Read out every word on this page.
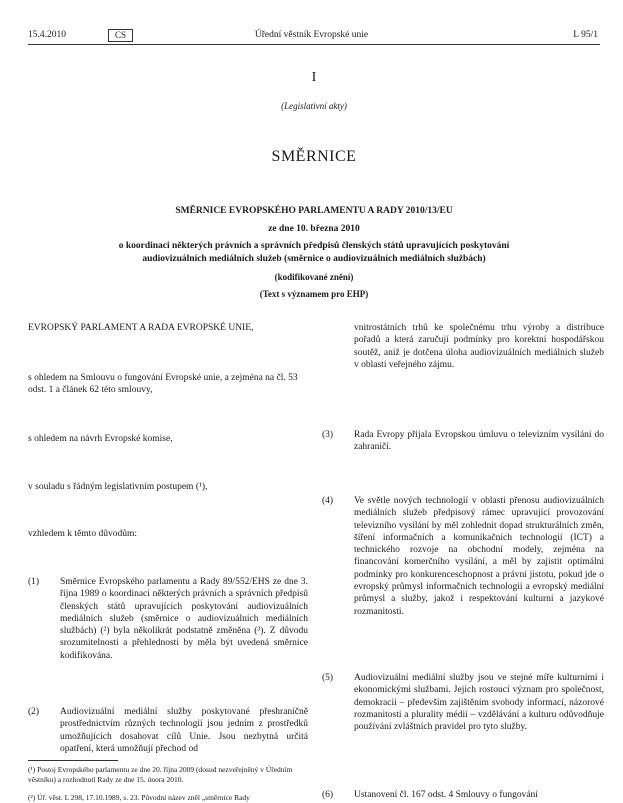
15.4.2010	CS	Úřední věstník Evropské unie	L 95/1
I
(Legislativní akty)
SMĚRNICE
SMĚRNICE EVROPSKÉHO PARLAMENTU A RADY 2010/13/EU
ze dne 10. března 2010
o koordinaci některých právních a správních předpisů členských států upravujících poskytování
audiovizuálních mediálních služeb (směrnice o audiovizuálních mediálních službách)
(kodifikované znění)
(Text s významem pro EHP)
EVROPSKÝ PARLAMENT A RADA EVROPSKÉ UNIE,
s ohledem na Smlouvu o fungování Evropské unie, a zejména na čl. 53 odst. 1 a článek 62 této smlouvy,
s ohledem na návrh Evropské komise,
v souladu s řádným legislativním postupem (¹),
vzhledem k těmto důvodům:
(1) Směrnice Evropského parlamentu a Rady 89/552/EHS ze dne 3. října 1989 o koordinaci některých právních a správních předpisů členských států upravujících poskytování audiovizuálních mediálních služeb (směrnice o audiovizuálních mediálních službách) (²) byla několikrát podstatně změněna (³). Z důvodu srozumitelnosti a přehlednosti by měla být uvedená směrnice kodifikována.
(2) Audiovizuální mediální služby poskytované přeshraničně prostřednictvím různých technologií jsou jedním z prostředků umožňujících dosahovat cílů Unie. Jsou nezbytná určitá opatření, která umožňují přechod od
(¹) Postoj Evropského parlamentu ze dne 20. října 2009 (dosud nezveřejněný v Úředním věstníku) a rozhodnutí Rady ze dne 15. února 2010.
(²) Úř. věst. L 298, 17.10.1989, s. 23. Původní název zněl „směrnice Rady
vnitrostátních trhů ke společnému trhu výroby a distribuce pořadů a která zaručují podmínky pro korektní hospodářskou soutěž, aniž je dotčena úloha audiovizuálních mediálních služeb v oblasti veřejného zájmu.
(3) Rada Evropy přijala Evropskou úmluvu o televizním vysílání do zahraničí.
(4) Ve světle nových technologií v oblasti přenosu audiovizuálních mediálních služeb předpisový rámec upravující provozování televizního vysílání by měl zohlednit dopad strukturálních změn, šíření informačních a komunikačních technologií (ICT) a technického rozvoje na obchodní modely, zejména na financování komerčního vysílání, a měl by zajistit optimální podmínky pro konkurenceschopnost a právní jistotu, pokud jde o evropský průmysl informačních technologií a evropský mediální průmysl a služby, jakož i respektování kulturní a jazykové rozmanitosti.
(5) Audiovizuální mediální služby jsou ve stejné míře kulturními i ekonomickými službami. Jejich rostoucí význam pro společnost, demokracii – především zajištěním svobody informací, názorové rozmanitosti a plurality médií – vzdělávání a kulturu odůvodňuje používání zvláštních pravidel pro tyto služby.
(6) Ustanovení čl. 167 odst. 4 Smlouvy o fungování
